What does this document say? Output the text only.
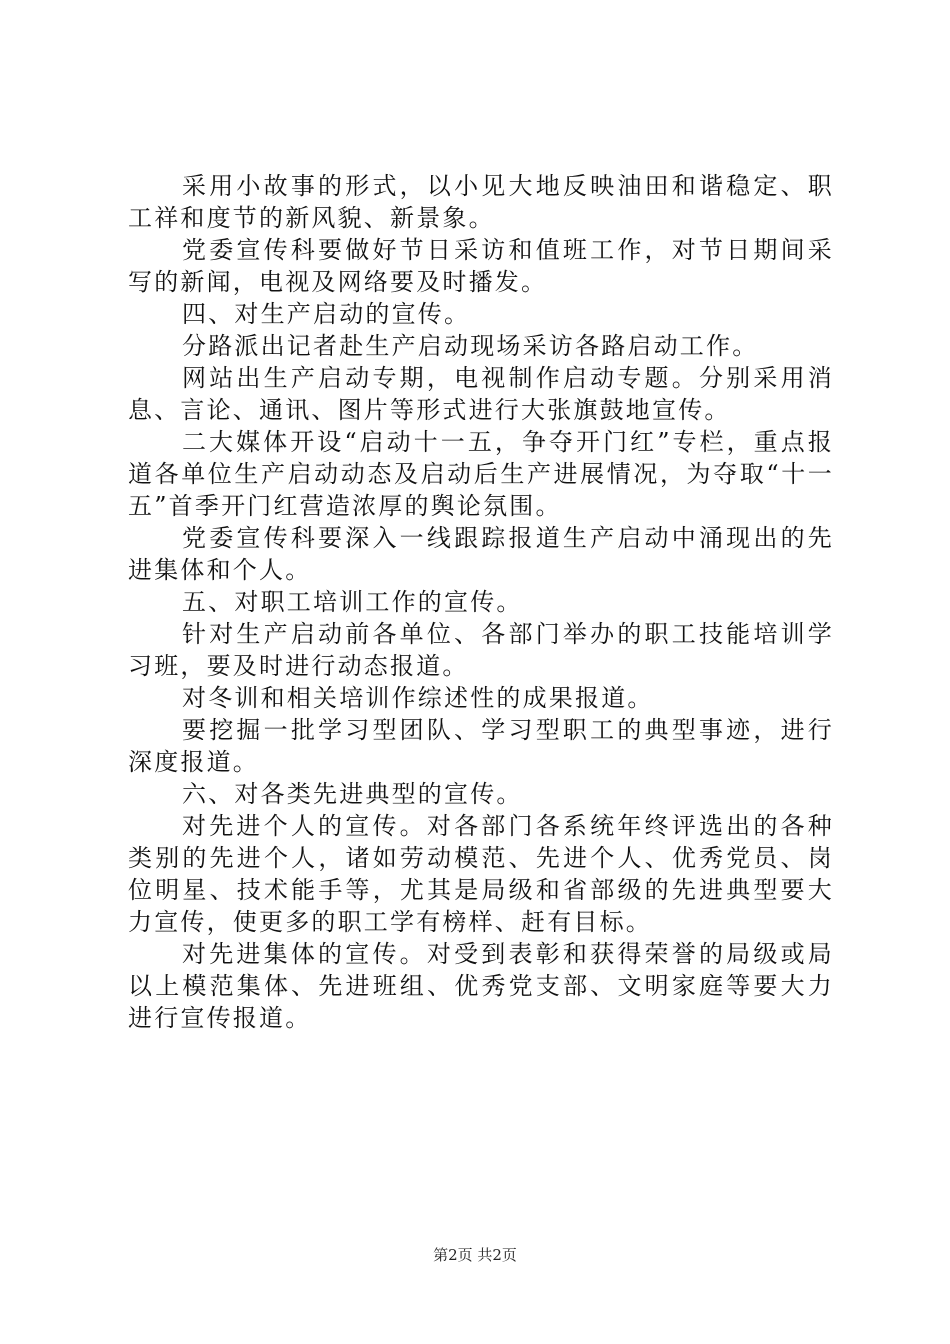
采用小故事的形式，以小见大地反映油田和谐稳定、职工祥和度节的新风貌、新景象。

党委宣传科要做好节日采访和值班工作，对节日期间采写的新闻，电视及网络要及时播发。

四、对生产启动的宣传。

分路派出记者赴生产启动现场采访各路启动工作。

网站出生产启动专期，电视制作启动专题。分别采用消息、言论、通讯、图片等形式进行大张旗鼓地宣传。

二大媒体开设“启动十一五，争夺开门红”专栏，重点报道各单位生产启动动态及启动后生产进展情况，为夺取“十一五”首季开门红营造浓厚的舆论氛围。

党委宣传科要深入一线跟踪报道生产启动中涌现出的先进集体和个人。

五、对职工培训工作的宣传。

针对生产启动前各单位、各部门举办的职工技能培训学习班，要及时进行动态报道。

对冬训和相关培训作综述性的成果报道。

要挖掘一批学习型团队、学习型职工的典型事迹，进行深度报道。

六、对各类先进典型的宣传。

对先进个人的宣传。对各部门各系统年终评选出的各种类别的先进个人，诸如劳动模范、先进个人、优秀党员、岗位明星、技术能手等，尤其是局级和省部级的先进典型要大力宣传，使更多的职工学有榜样、赶有目标。

对先进集体的宣传。对受到表彰和获得荣誉的局级或局以上模范集体、先进班组、优秀党支部、文明家庭等要大力进行宣传报道。

第2页 共2页
